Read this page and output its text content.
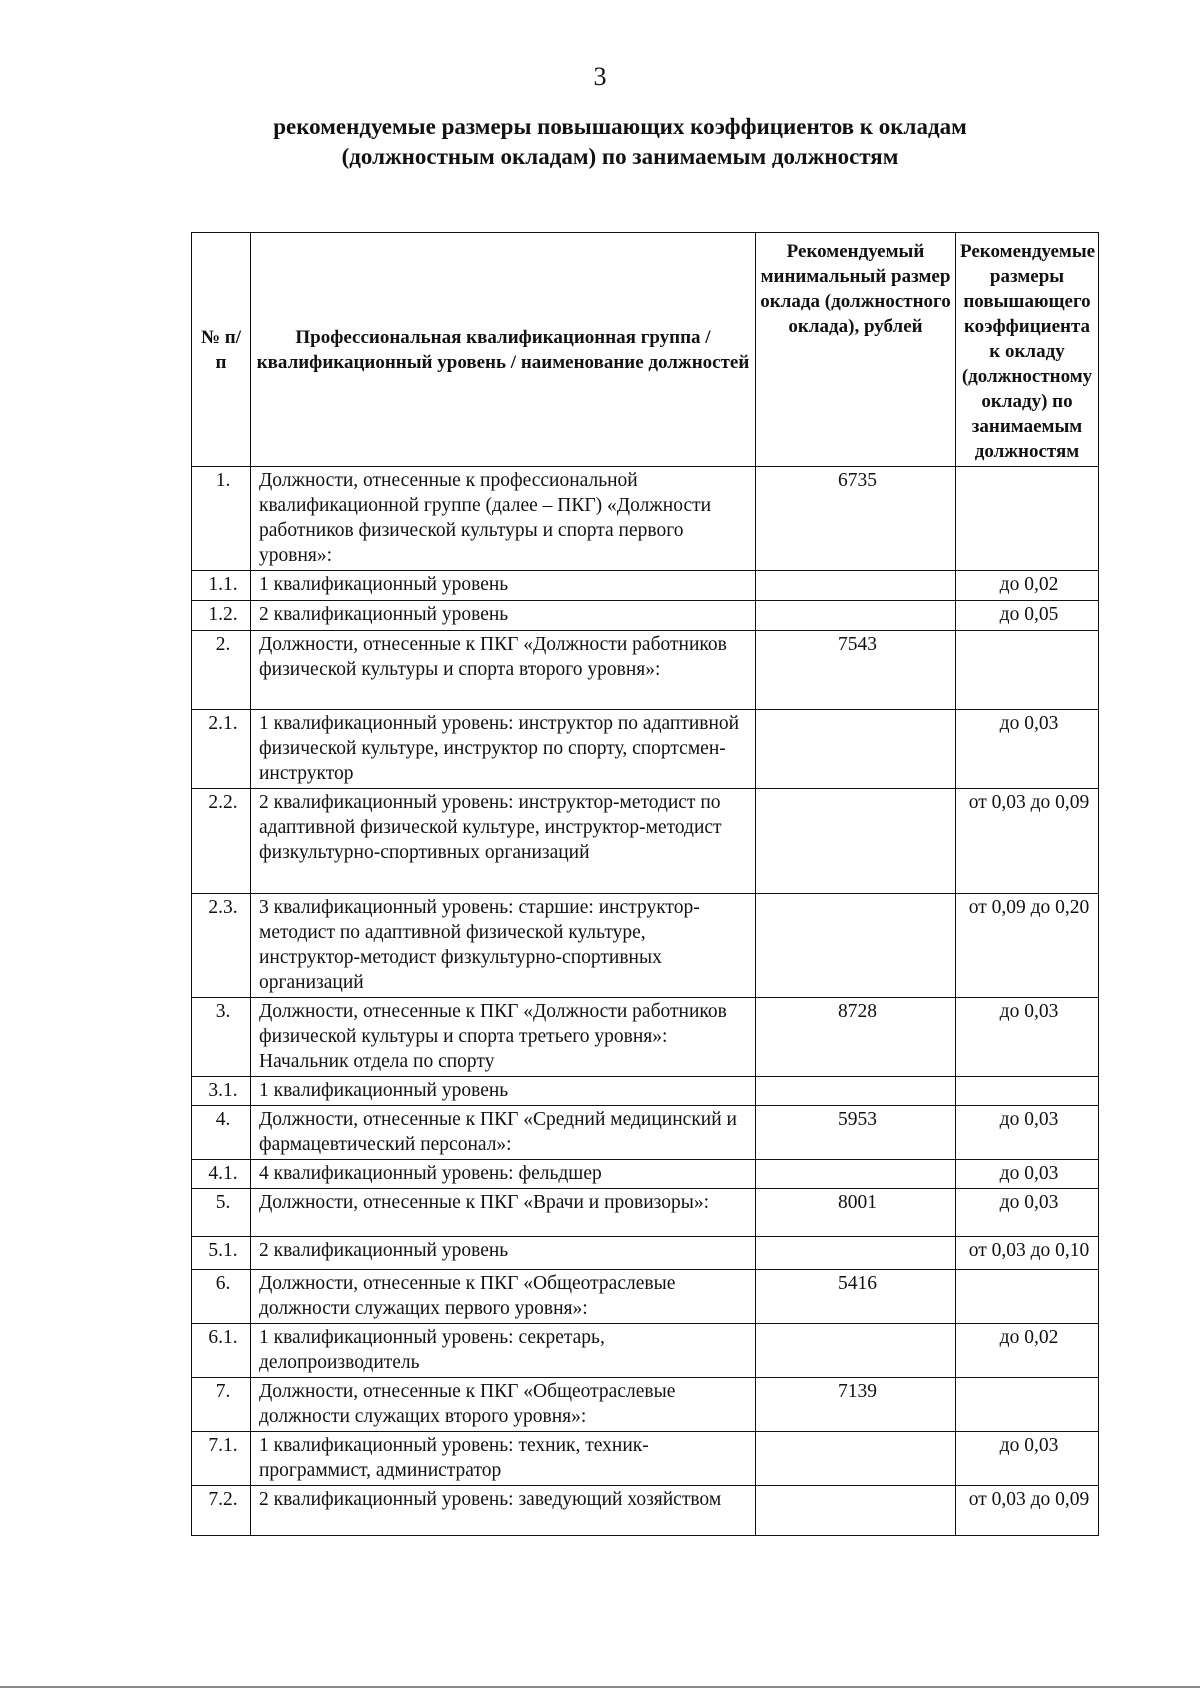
3
рекомендуемые размеры повышающих коэффициентов к окладам
(должностным окладам) по занимаемым должностям
№ п/п	Профессиональная квалификационная группа / квалификационный уровень / наименование должностей	Рекомендуемый минимальный размер оклада (должностного оклада), рублей	Рекомендуемые размеры повышающего коэффициента к окладу (должностному окладу) по занимаемым должностям
1.	Должности, отнесенные к профессиональной квалификационной группе (далее – ПКГ) «Должности работников физической культуры и спорта первого уровня»:	6735	
1.1.	1 квалификационный уровень		до 0,02
1.2.	2 квалификационный уровень		до 0,05
2.	Должности, отнесенные к ПКГ «Должности работников физической культуры и спорта второго уровня»:	7543	
2.1.	1 квалификационный уровень: инструктор по адаптивной физической культуре, инструктор по спорту, спортсмен-инструктор		до 0,03
2.2.	2 квалификационный уровень: инструктор-методист по адаптивной физической культуре, инструктор-методист физкультурно-спортивных организаций		от 0,03 до 0,09
2.3.	3 квалификационный уровень: старшие: инструктор-методист по адаптивной физической культуре, инструктор-методист физкультурно-спортивных организаций		от 0,09 до 0,20
3.	Должности, отнесенные к ПКГ «Должности работников физической культуры и спорта третьего уровня»: Начальник отдела по спорту	8728	до 0,03
3.1.	1 квалификационный уровень		
4.	Должности, отнесенные к ПКГ «Средний медицинский и фармацевтический персонал»:	5953	до 0,03
4.1.	4 квалификационный уровень: фельдшер		до 0,03
5.	Должности, отнесенные к ПКГ «Врачи и провизоры»:	8001	до 0,03
5.1.	2 квалификационный уровень		от 0,03 до 0,10
6.	Должности, отнесенные к ПКГ «Общеотраслевые должности служащих первого уровня»:	5416	
6.1.	1 квалификационный уровень: секретарь, делопроизводитель		до 0,02
7.	Должности, отнесенные к ПКГ «Общеотраслевые должности служащих второго уровня»:	7139	
7.1.	1 квалификационный уровень: техник, техник-программист, администратор		до 0,03
7.2.	2 квалификационный уровень: заведующий хозяйством		от 0,03 до 0,09
